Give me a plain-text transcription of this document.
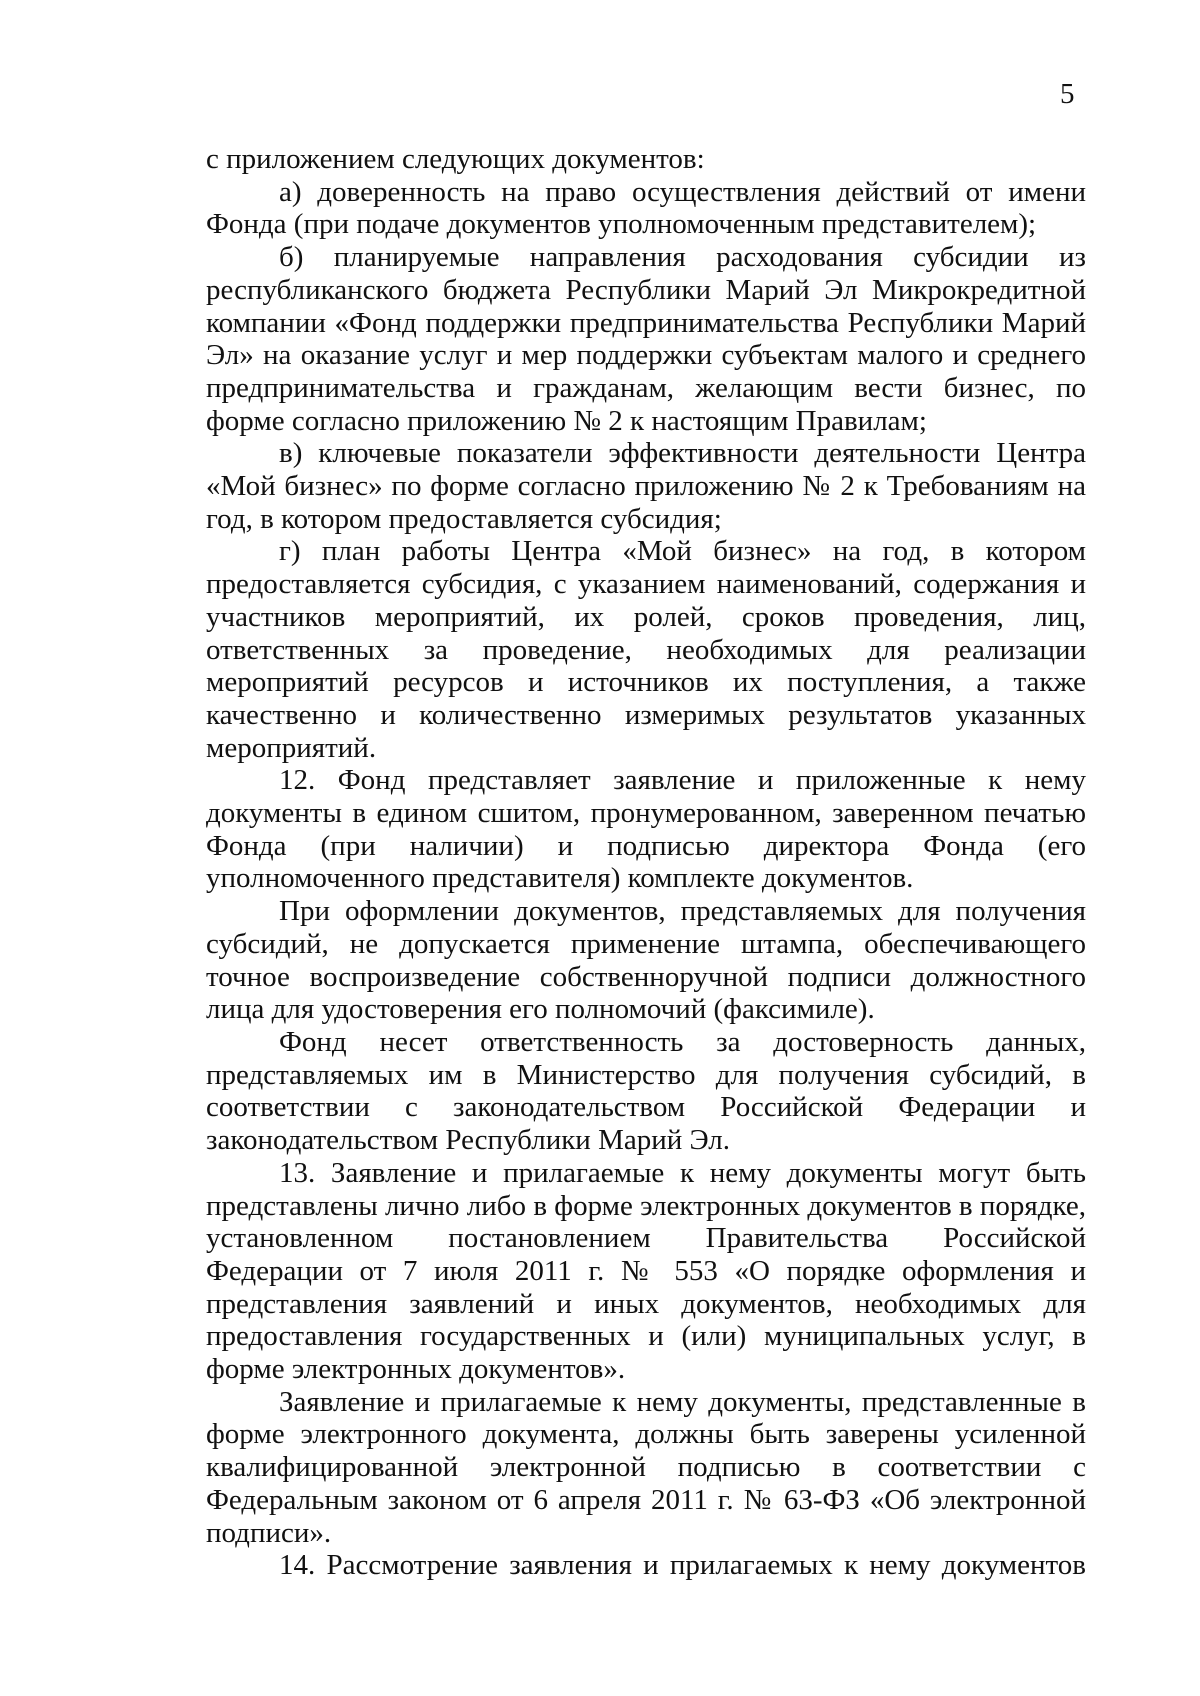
5

с приложением следующих документов:

а) доверенность на право осуществления действий от имени Фонда (при подаче документов уполномоченным представителем);

б) планируемые направления расходования субсидии из республиканского бюджета Республики Марий Эл Микрокредитной компании «Фонд поддержки предпринимательства Республики Марий Эл» на оказание услуг и мер поддержки субъектам малого и среднего предпринимательства и гражданам, желающим вести бизнес, по форме согласно приложению № 2 к настоящим Правилам;

в) ключевые показатели эффективности деятельности Центра «Мой бизнес» по форме согласно приложению № 2 к Требованиям на год, в котором предоставляется субсидия;

г) план работы Центра «Мой бизнес» на год, в котором предоставляется субсидия, с указанием наименований, содержания и участников мероприятий, их ролей, сроков проведения, лиц, ответственных за проведение, необходимых для реализации мероприятий ресурсов и источников их поступления, а также качественно и количественно измеримых результатов указанных мероприятий.

12. Фонд представляет заявление и приложенные к нему документы в едином сшитом, пронумерованном, заверенном печатью Фонда (при наличии) и подписью директора Фонда (его уполномоченного представителя) комплекте документов.

При оформлении документов, представляемых для получения субсидий, не допускается применение штампа, обеспечивающего точное воспроизведение собственноручной подписи должностного лица для удостоверения его полномочий (факсимиле).

Фонд несет ответственность за достоверность данных, представляемых им в Министерство для получения субсидий, в соответствии с законодательством Российской Федерации и законодательством Республики Марий Эл.

13. Заявление и прилагаемые к нему документы могут быть представлены лично либо в форме электронных документов в порядке, установленном постановлением Правительства Российской Федерации от 7 июля 2011 г. № 553 «О порядке оформления и представления заявлений и иных документов, необходимых для предоставления государственных и (или) муниципальных услуг, в форме электронных документов».

Заявление и прилагаемые к нему документы, представленные в форме электронного документа, должны быть заверены усиленной квалифицированной электронной подписью в соответствии с Федеральным законом от 6 апреля 2011 г. № 63-ФЗ «Об электронной подписи».

14. Рассмотрение заявления и прилагаемых к нему документов
